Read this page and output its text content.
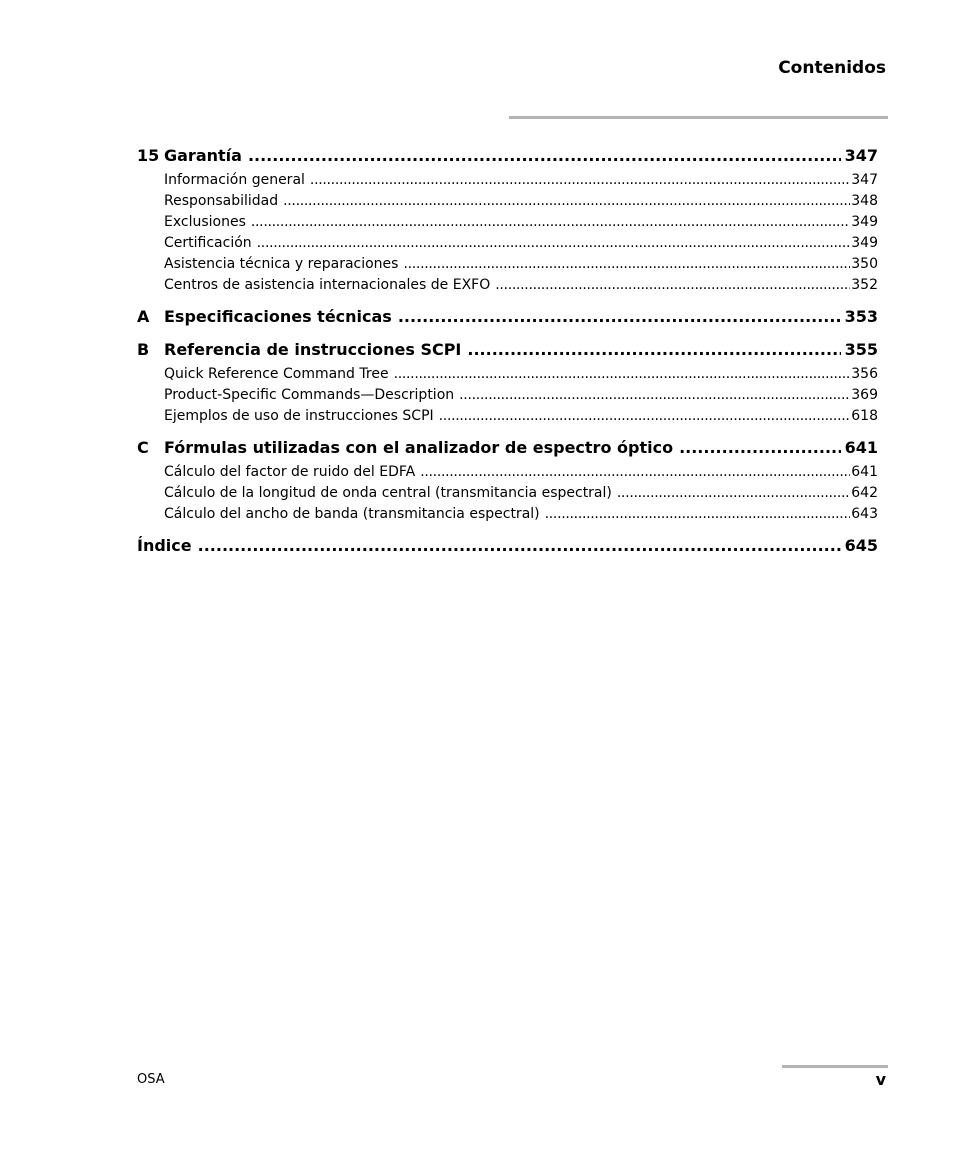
Contenidos
15 Garantía .....	347
Información general .....	347
Responsabilidad .....	348
Exclusiones .....	349
Certificación .....	349
Asistencia técnica y reparaciones .....	350
Centros de asistencia internacionales de EXFO .....	352
A Especificaciones técnicas .....	353
B Referencia de instrucciones SCPI .....	355
Quick Reference Command Tree .....	356
Product-Specific Commands—Description .....	369
Ejemplos de uso de instrucciones SCPI .....	618
C Fórmulas utilizadas con el analizador de espectro óptico .....	641
Cálculo del factor de ruido del EDFA .....	641
Cálculo de la longitud de onda central (transmitancia espectral) .....	642
Cálculo del ancho de banda (transmitancia espectral) .....	643
Índice .....	645
OSA	v
